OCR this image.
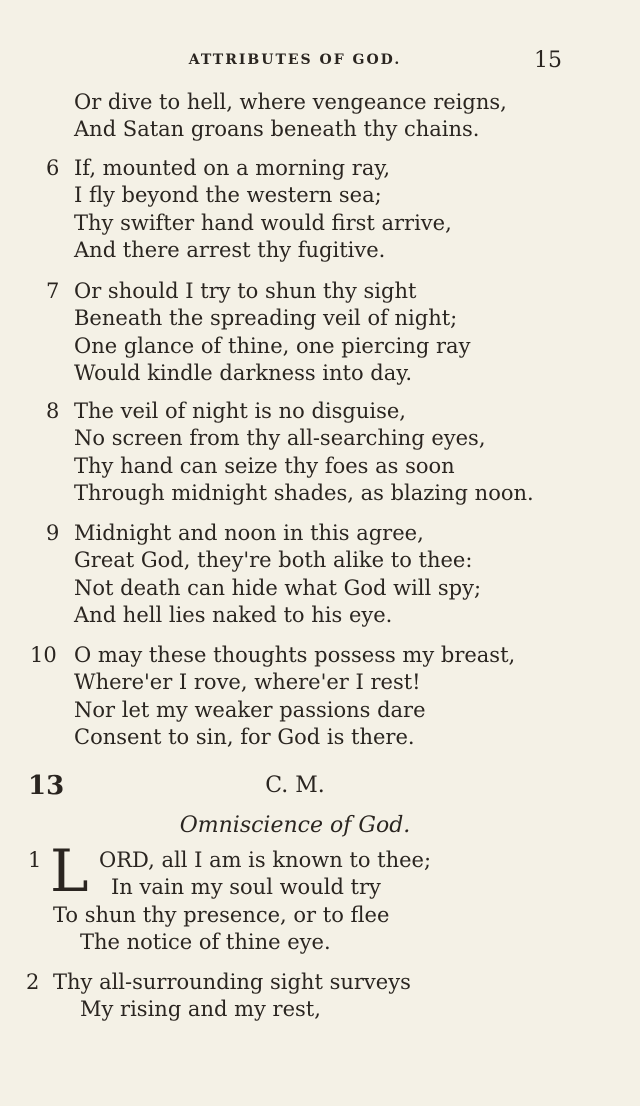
ATTRIBUTES OF GOD.	15
Or dive to hell, where vengeance reigns,
And Satan groans beneath thy chains.
6 If, mounted on a morning ray,
I fly beyond the western sea;
Thy swifter hand would first arrive,
And there arrest thy fugitive.
7 Or should I try to shun thy sight
Beneath the spreading veil of night;
One glance of thine, one piercing ray
Would kindle darkness into day.
8 The veil of night is no disguise,
No screen from thy all-searching eyes,
Thy hand can seize thy foes as soon
Through midnight shades, as blazing noon.
9 Midnight and noon in this agree,
Great God, they're both alike to thee:
Not death can hide what God will spy;
And hell lies naked to his eye.
10 O may these thoughts possess my breast,
Where'er I rove, where'er I rest!
Nor let my weaker passions dare
Consent to sin, for God is there.
13	C. M.
Omniscience of God.
1 L ORD, all I am is known to thee;
In vain my soul would try
To shun thy presence, or to flee
The notice of thine eye.
2 Thy all-surrounding sight surveys
My rising and my rest,
